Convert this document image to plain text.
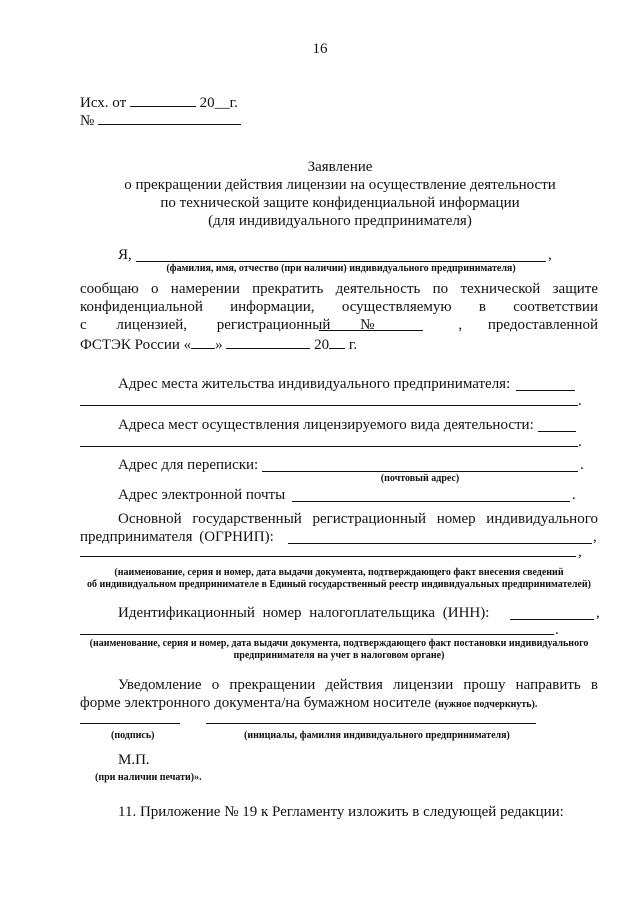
16
Исх. от	20__г.
№
Заявление
о прекращении действия лицензии на осуществление деятельности
по технической защите конфиденциальной информации
(для индивидуального предпринимателя)
Я,	,
(фамилия, имя, отчество (при наличии) индивидуального предпринимателя)
сообщаю о намерении прекратить деятельность по технической защите
конфиденциальной информации, осуществляемую в соответствии
с лицензией, регистрационный №	, предоставленной
ФСТЭК России « »	20 г.
Адрес места жительства индивидуального предпринимателя:
.
Адреса мест осуществления лицензируемого вида деятельности:
.
Адрес для переписки:	.
(почтовый адрес)
Адрес электронной почты	.
Основной государственный регистрационный номер индивидуального
предпринимателя (ОГРНИП):	,
,
(наименование, серия и номер, дата выдачи документа, подтверждающего факт внесения сведений
об индивидуальном предпринимателе в Единый государственный реестр индивидуальных предпринимателей)
Идентификационный номер налогоплательщика (ИНН):	,
.
(наименование, серия и номер, дата выдачи документа, подтверждающего факт постановки индивидуального
предпринимателя на учет в налоговом органе)
Уведомление о прекращении действия лицензии прошу направить в
форме электронного документа/на бумажном носителе (нужное подчеркнуть).
(подпись)	(инициалы, фамилия индивидуального предпринимателя)
М.П.
(при наличии печати)».
11. Приложение № 19 к Регламенту изложить в следующей редакции:
